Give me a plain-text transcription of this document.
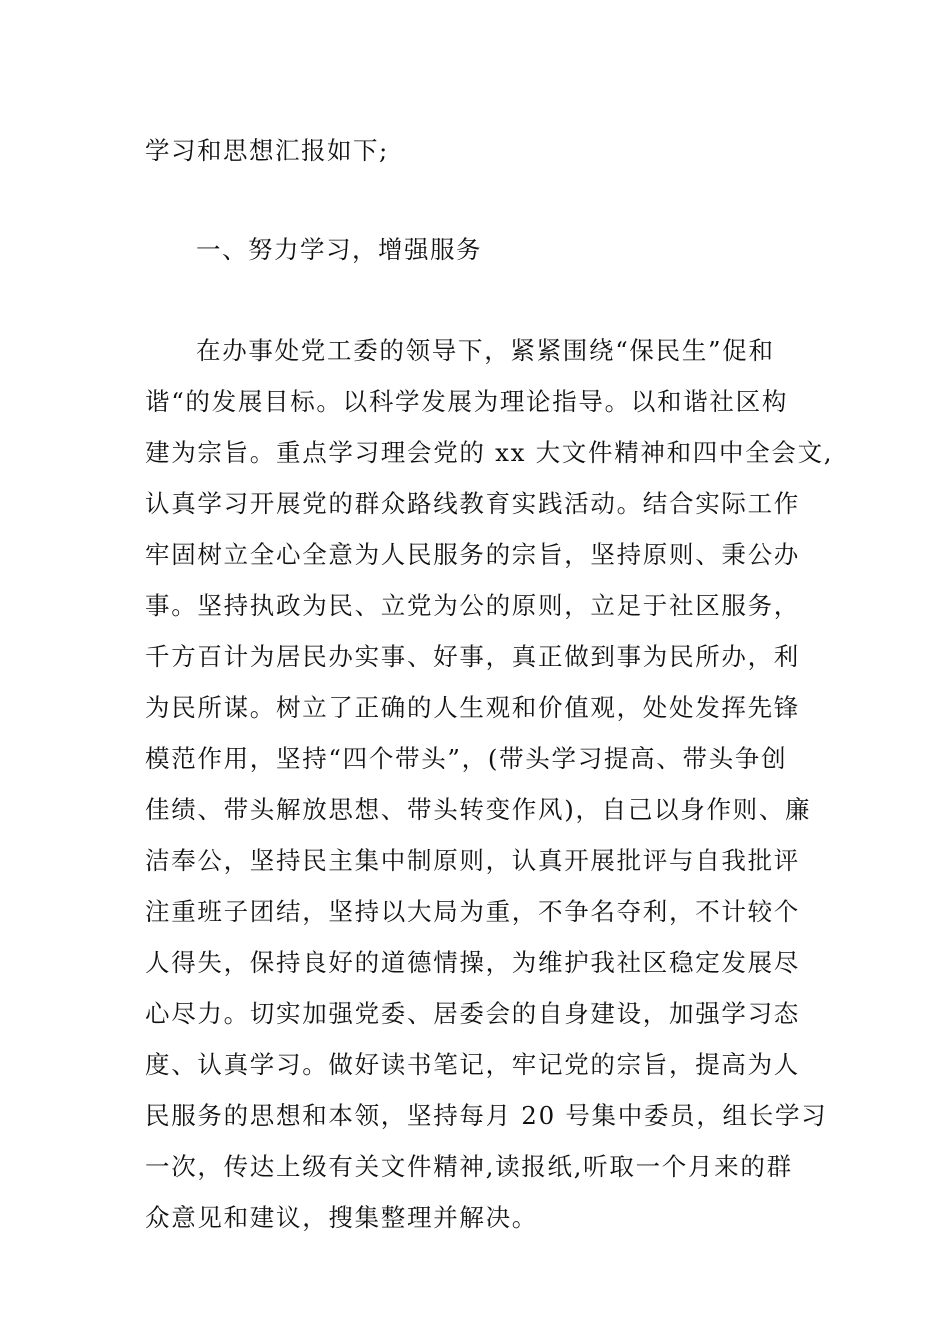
学习和思想汇报如下;
一、努力学习，增强服务
在办事处党工委的领导下，紧紧围绕“保民生”促和
谐“的发展目标。以科学发展为理论指导。以和谐社区构
建为宗旨。重点学习理会党的 xx 大文件精神和四中全会文,
认真学习开展党的群众路线教育实践活动。结合实际工作
牢固树立全心全意为人民服务的宗旨，坚持原则、秉公办
事。坚持执政为民、立党为公的原则，立足于社区服务，
千方百计为居民办实事、好事，真正做到事为民所办，利
为民所谋。树立了正确的人生观和价值观，处处发挥先锋
模范作用，坚持“四个带头”，(带头学习提高、带头争创
佳绩、带头解放思想、带头转变作风)，自己以身作则、廉
洁奉公，坚持民主集中制原则，认真开展批评与自我批评
注重班子团结，坚持以大局为重，不争名夺利，不计较个
人得失，保持良好的道德情操，为维护我社区稳定发展尽
心尽力。切实加强党委、居委会的自身建设，加强学习态
度、认真学习。做好读书笔记，牢记党的宗旨，提高为人
民服务的思想和本领，坚持每月 20 号集中委员，组长学习
一次，传达上级有关文件精神,读报纸,听取一个月来的群
众意见和建议，搜集整理并解决。
